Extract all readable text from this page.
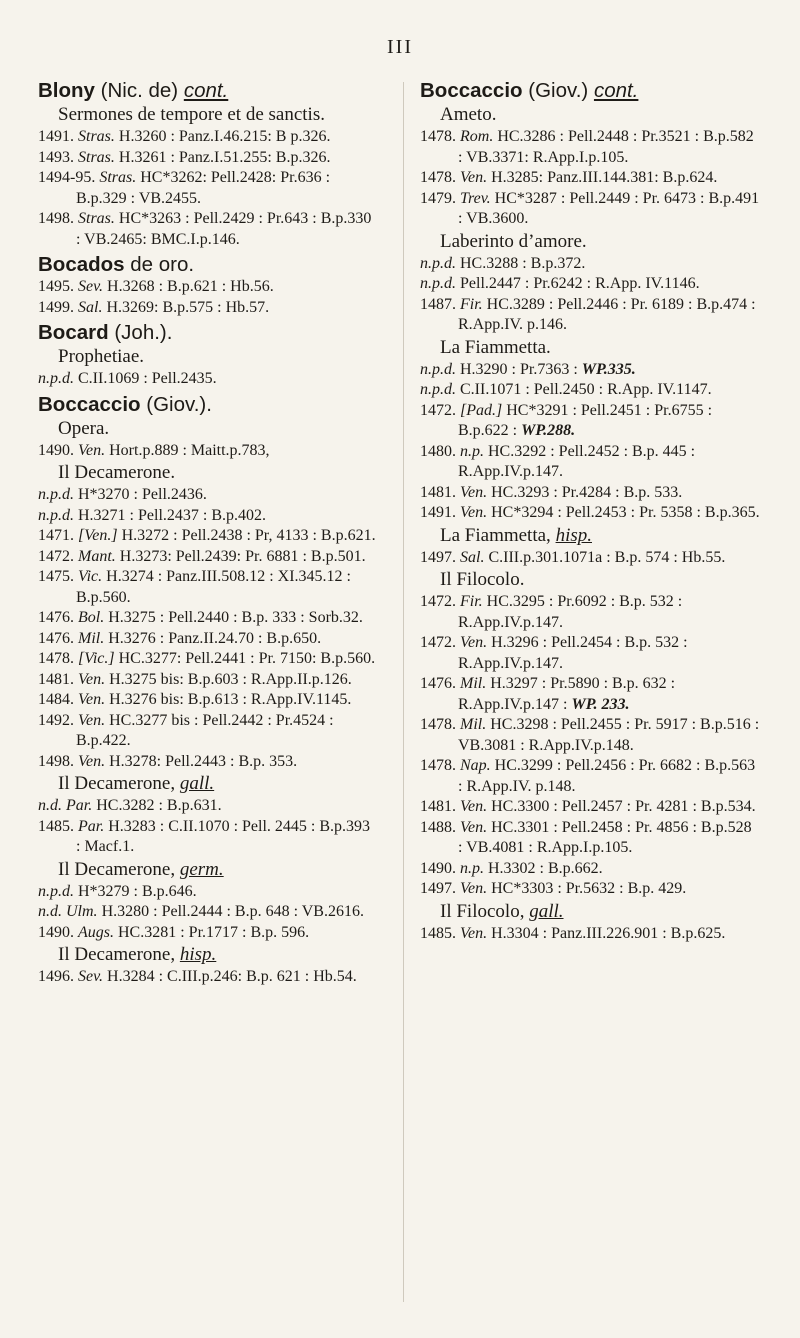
III
Blony (Nic. de) cont.
Sermones de tempore et de sanctis.
1491. Stras. H.3260 : Panz.I.46.215: B p.326.
1493. Stras. H.3261 : Panz.I.51.255: B.p.326.
1494-95. Stras. HC*3262: Pell.2428: Pr.636 : B.p.329 : VB.2455.
1498. Stras. HC*3263 : Pell.2429 : Pr.643 : B.p.330 : VB.2465: BMC.I.p.146.
Bocados de oro.
1495. Sev. H.3268 : B.p.621 : Hb.56.
1499. Sal. H.3269: B.p.575 : Hb.57.
Bocard (Joh.).
Prophetiae.
n.p.d. C.II.1069 : Pell.2435.
Boccaccio (Giov.).
Opera.
1490. Ven. Hort.p.889 : Maitt.p.783,
Il Decamerone.
n.p.d. H*3270 : Pell.2436.
n.p.d. H.3271 : Pell.2437 : B.p.402.
1471. [Ven.] H.3272 : Pell.2438 : Pr, 4133 : B.p.621.
1472. Mant. H.3273: Pell.2439: Pr. 6881 : B.p.501.
1475. Vic. H.3274 : Panz.III.508.12 : XI.345.12 : B.p.560.
1476. Bol. H.3275 : Pell.2440 : B.p. 333 : Sorb.32.
1476. Mil. H.3276 : Panz.II.24.70 : B.p.650.
1478. [Vic.] HC.3277: Pell.2441 : Pr. 7150: B.p.560.
1481. Ven. H.3275 bis: B.p.603 : R.App.II.p.126.
1484. Ven. H.3276 bis: B.p.613 : R.App.IV.1145.
1492. Ven. HC.3277 bis : Pell.2442 : Pr.4524 : B.p.422.
1498. Ven. H.3278: Pell.2443 : B.p. 353.
Il Decamerone, gall.
n.d. Par. HC.3282 : B.p.631.
1485. Par. H.3283 : C.II.1070 : Pell. 2445 : B.p.393 : Macf.1.
Il Decamerone, germ.
n.p.d. H*3279 : B.p.646.
n.d. Ulm. H.3280 : Pell.2444 : B.p. 648 : VB.2616.
1490. Augs. HC.3281 : Pr.1717 : B.p. 596.
Il Decamerone, hisp.
1496. Sev. H.3284 : C.III.p.246: B.p. 621 : Hb.54.
Boccaccio (Giov.) cont.
Ameto.
1478. Rom. HC.3286 : Pell.2448 : Pr.3521 : B.p.582 : VB.3371: R.App.I.p.105.
1478. Ven. H.3285: Panz.III.144.381: B.p.624.
1479. Trev. HC*3287 : Pell.2449 : Pr. 6473 : B.p.491 : VB.3600.
Laberinto d’amore.
n.p.d. HC.3288 : B.p.372.
n.p.d. Pell.2447 : Pr.6242 : R.App. IV.1146.
1487. Fir. HC.3289 : Pell.2446 : Pr. 6189 : B.p.474 : R.App.IV. p.146.
La Fiammetta.
n.p.d. H.3290 : Pr.7363 : WP.335.
n.p.d. C.II.1071 : Pell.2450 : R.App. IV.1147.
1472. [Pad.] HC*3291 : Pell.2451 : Pr.6755 : B.p.622 : WP.288.
1480. n.p. HC.3292 : Pell.2452 : B.p. 445 : R.App.IV.p.147.
1481. Ven. HC.3293 : Pr.4284 : B.p. 533.
1491. Ven. HC*3294 : Pell.2453 : Pr. 5358 : B.p.365.
La Fiammetta, hisp.
1497. Sal. C.III.p.301.1071a : B.p. 574 : Hb.55.
Il Filocolo.
1472. Fir. HC.3295 : Pr.6092 : B.p. 532 : R.App.IV.p.147.
1472. Ven. H.3296 : Pell.2454 : B.p. 532 : R.App.IV.p.147.
1476. Mil. H.3297 : Pr.5890 : B.p. 632 : R.App.IV.p.147 : WP. 233.
1478. Mil. HC.3298 : Pell.2455 : Pr. 5917 : B.p.516 : VB.3081 : R.App.IV.p.148.
1478. Nap. HC.3299 : Pell.2456 : Pr. 6682 : B.p.563 : R.App.IV. p.148.
1481. Ven. HC.3300 : Pell.2457 : Pr. 4281 : B.p.534.
1488. Ven. HC.3301 : Pell.2458 : Pr. 4856 : B.p.528 : VB.4081 : R.App.I.p.105.
1490. n.p. H.3302 : B.p.662.
1497. Ven. HC*3303 : Pr.5632 : B.p. 429.
Il Filocolo, gall.
1485. Ven. H.3304 : Panz.III.226.901 : B.p.625.
